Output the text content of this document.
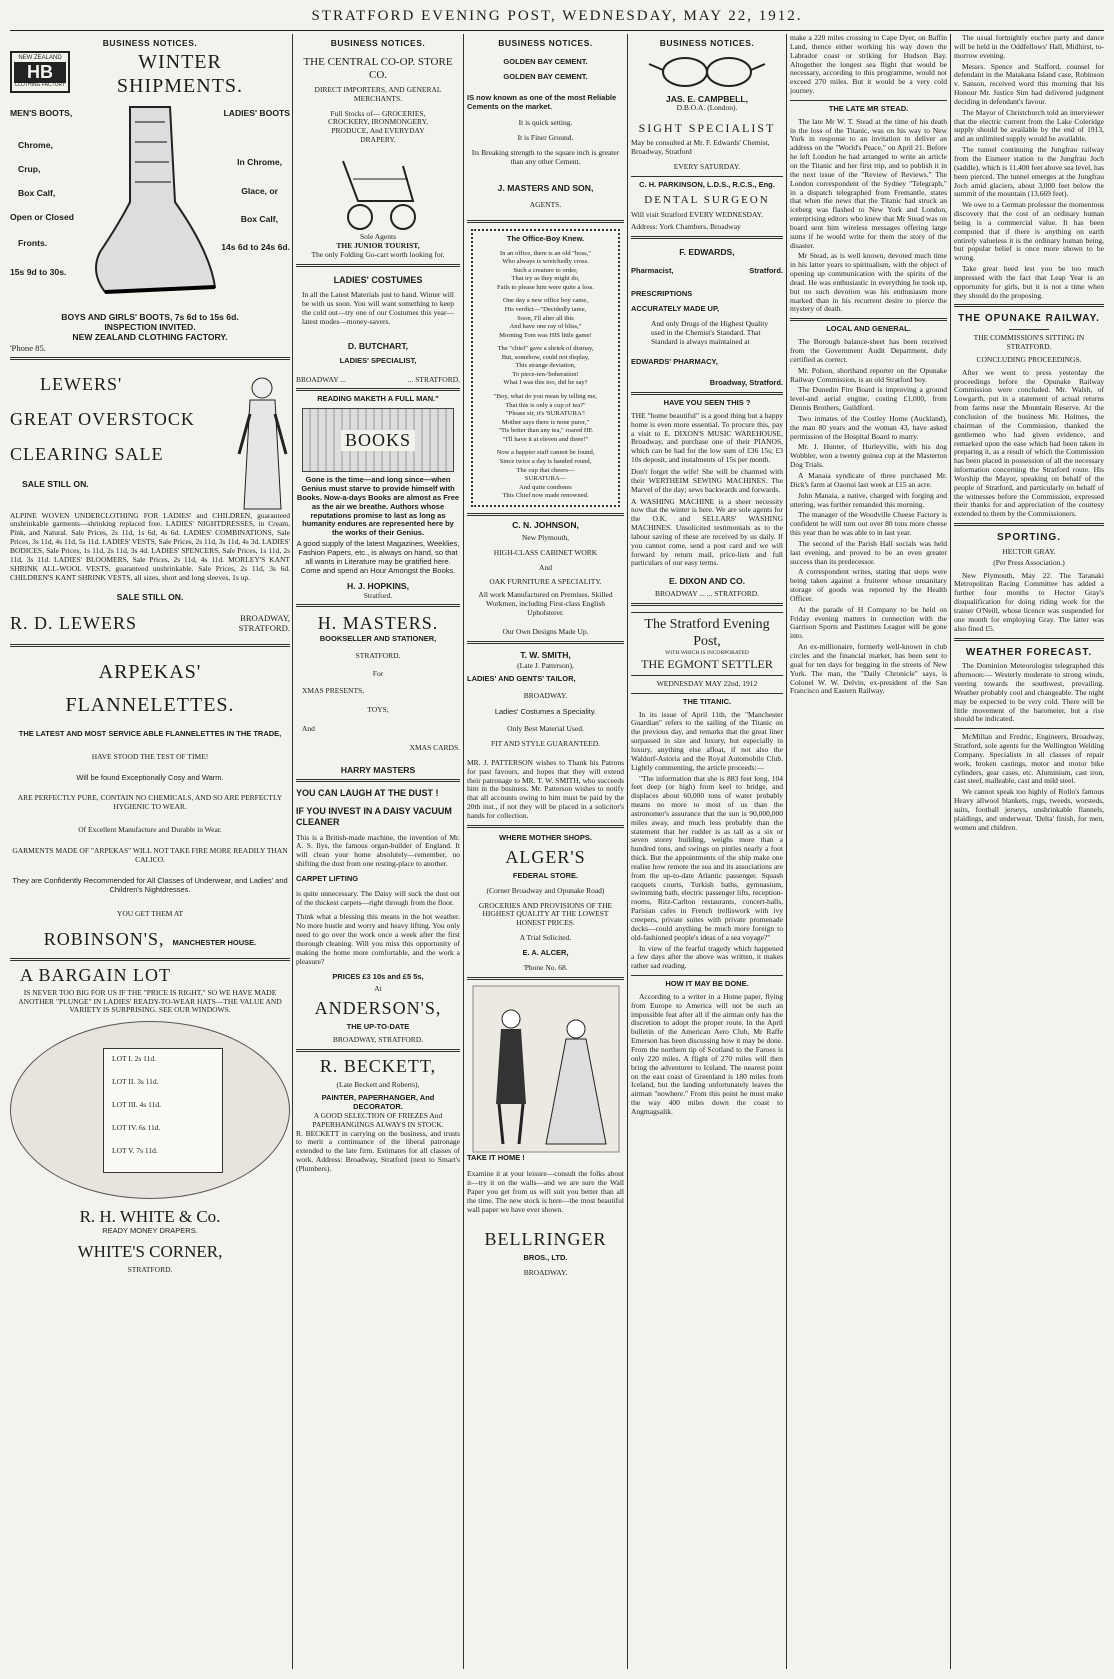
STRATFORD EVENING POST, WEDNESDAY, MAY 22, 1912.
BUSINESS NOTICES.
NEW ZEALAND
HB
CLOTHING FACTORY
WINTER
SHIPMENTS.
MEN'S BOOTS,	LADIES' BOOTS
Chrome,
Crup,
Box Calf,
Open or Closed
Fronts.
15s 9d to 30s.
In Chrome,
Glace, or
Box Calf,
14s 6d to 24s 6d.
BOYS AND GIRLS' BOOTS, 7s 6d to 15s 6d.
INSPECTION INVITED.
NEW ZEALAND CLOTHING FACTORY.
'Phone 85.
LEWERS'
GREAT OVERSTOCK
CLEARING SALE
SALE STILL ON.
ALPINE WOVEN UNDERCLOTHING FOR LADIES' and CHILDREN, guaranteed unshrinkable garments—shrinking replaced free. LADIES' NIGHTDRESSES, in Cream, Pink, and Natural. Sale Prices, 2s 11d, 1s 6d, 4s 6d. LADIES' COMBINATIONS, Sale Prices, 3s 11d, 4s 11d, 5s 11d. LADIES' VESTS, Sale Prices, 2s 11d, 3s 11d, 4s 3d. LADIES' BODICES, Sale Prices, 1s 11d, 2s 11d, 3s 4d. LADIES' SPENCERS, Sale Prices, 1s 11d, 2s 11d, 3s 11d. LADIES' BLOOMERS, Sale Prices, 2s 11d, 4s 11d. MORLEY'S KANT SHRINK ALL-WOOL VESTS, guaranteed unshrinkable. Sale Prices, 2s 11d, 3s 6d. CHILDREN'S KANT SHRINK VESTS, all sizes, short and long sleeves, 1s up.
SALE STILL ON.
R. D. LEWERS	BROADWAY,
STRATFORD.
ARPEKAS'
FLANNELETTES.
THE LATEST AND MOST SERVICE ABLE FLANNELETTES IN THE TRADE,
HAVE STOOD THE TEST OF TIME!
Will be found Exceptionally Cosy and Warm.
ARE PERFECTLY PURE, CONTAIN NO CHEMICALS, AND SO ARE PERFECTLY HYGIENIC TO WEAR.
Of Excellent Manufacture and Durable in Wear.
GARMENTS MADE OF "ARPEKAS" WILL NOT TAKE FIRE MORE READILY THAN CALICO.
They are Confidently Recommended for All Classes of Underwear, and Ladies' and Children's Nightdresses.
YOU GET THEM AT
ROBINSON'S, MANCHESTER HOUSE.
A BARGAIN LOT
IS NEVER TOO BIG FOR US IF THE "PRICE IS RIGHT," SO WE HAVE MADE ANOTHER "PLUNGE" IN LADIES' READY-TO-WEAR HATS—THE VALUE AND VARIETY IS SURPRISING. SEE OUR WINDOWS.
LOT I. 2s 11d.
LOT II. 3s 11d.
LOT III. 4s 11d.
LOT IV. 6s 11d.
LOT V. 7s 11d.
R. H. WHITE & Co.
READY MONEY DRAPERS.
WHITE'S CORNER,
STRATFORD.
BUSINESS NOTICES.
THE CENTRAL CO-OP. STORE CO.
DIRECT IMPORTERS, AND GENERAL MERCHANTS.
Full Stocks of— GROCERIES, CROCKERY, IRONMONGERY, PRODUCE, And EVERYDAY DRAPERY.
Sole Agents
THE JUNIOR TOURIST,
The only Folding Go-cart worth looking for.
LADIES' COSTUMES
In all the Latest Materials just to hand. Winter will be with us soon. You will want something to keep the cold out—try one of our Costumes this year—latest modes—money-savers.
D. BUTCHART,
LADIES' SPECIALIST,
BROADWAY ...	... STRATFORD.
READING MAKETH A FULL MAN."
BOOKS
Gone is the time—and long since—when Genius must starve to provide himself with Books. Now-a-days Books are almost as Free as the air we breathe. Authors whose reputations promise to last as long as humanity endures are represented here by the works of their Genius.
A good supply of the latest Magazines, Weeklies, Fashion Papers, etc., is always on hand, so that all wants in Literature may be gratified here. Come and spend an Hour Amongst the Books.
H. J. HOPKINS,
Stratford.
H. MASTERS.
BOOKSELLER AND STATIONER,
STRATFORD.
For
XMAS PRESENTS,
TOYS,
And
XMAS CARDS.
HARRY MASTERS
YOU CAN LAUGH AT THE DUST !
IF YOU INVEST IN A DAISY VACUUM CLEANER
This is a British-made machine, the invention of Mr. A. S. Ilys, the famous organ-builder of England. It will clean your home absolutely—remember, no shifting the dust from one resting-place to another.
CARPET LIFTING
is quite unnecessary. The Daisy will suck the dust out of the thickest carpets—right through from the floor.
Think what a blessing this means in the hot weather. No more bustle and worry and heavy lifting. You only need to go over the work once a week after the first thorough cleaning. Will you miss this opportunity of making the home more comfortable, and the work a pleasure?
PRICES £3 10s and £5 5s,
At
ANDERSON'S,
THE UP-TO-DATE
BROADWAY, STRATFORD.
R. BECKETT,
(Late Beckett and Roberts),
PAINTER, PAPERHANGER, And DECORATOR.
A GOOD SELECTION OF FRIEZES And PAPERHANGINGS ALWAYS IN STOCK.
R. BECKETT in carrying on the business, and trusts to merit a continuance of the liberal patronage extended to the late firm. Estimates for all classes of work. Address: Broadway, Stratford (next to Smart's (Plumbers).
BUSINESS NOTICES.
GOLDEN BAY CEMENT.
GOLDEN BAY CEMENT.
IS now known as one of the most Reliable Cements on the market.
It is quick setting.
It is Finer Ground.
Its Breaking strength to the square inch is greater than any other Cement.
J. MASTERS AND SON,
AGENTS.
The Office-Boy Knew.
In an office, there is an old "boss,"
Who always is wretchedly cross.
Such a creature to order,
That try as they might do,
Fails to please him were quite a loss.
One day a new office boy came,
His verdict—"Decidedly tame,
Soon, I'll alter all this
And have one ray of bliss,"
Morning Tom was HIS little game!
The "chief" gave a shriek of dismay,
But, somehow, could not display,
This strange deviation,
To piece-ten-'boheration!
What I was this too, did he say?
"Boy, what do you mean by telling me,
That this is only a cup of tea?"
"Please sir, it's 'SURATURA'!
Mother says there is none purer,"
"Tis better than any tea," roared HE
"I'll have it at eleven and three!"
Now a happier staff cannot be found,
Since twice a day is handed round,
The cup that cheers—
SURATURA—
And quite condones
This Chief now made renowned.
C. N. JOHNSON,
New Plymouth,
HIGH-CLASS CABINET WORK
And
OAK FURNITURE A SPECIALITY.
All work Manufactured on Premises. Skilled Workmen, including First-class English Upholsterer.
Our Own Designs Made Up.
T. W. SMITH,
(Late J. Patterson),
LADIES' AND GENTS' TAILOR,
BROADWAY.
Ladies' Costumes a Speciality.
Only Best Material Used.
FIT AND STYLE GUARANTEED.
MR. J. PATTERSON wishes to Thank his Patrons for past favours, and hopes that they will extend their patronage to MR. T. W. SMITH, who succeeds him in the business. Mr. Patterson wishes to notify that all accounts owing to him must be paid by the 20th inst., if not they will be placed in a solicitor's hands for collection.
WHERE MOTHER SHOPS.
ALGER'S
FEDERAL STORE.
(Corner Broadway and Opunake Road)
GROCERIES AND PROVISIONS OF THE HIGHEST QUALITY AT THE LOWEST HONEST PRICES.
A Trial Solicited.
E. A. ALCER,
'Phone No. 68.
TAKE IT HOME !
Examine it at your leisure—consult the folks about it—try it on the walls—and we are sure the Wall Paper you get from us will suit you better than all the time. The new stock is here—the most beautiful wall paper we have ever shown.
BELLRINGER
BROS., LTD.
BROADWAY.
BUSINESS NOTICES.
JAS. E. CAMPBELL,
D.B.O.A. (London).
SIGHT SPECIALIST
May be consulted at Mr. F. Edwards' Chemist, Broadway, Stratford
EVERY SATURDAY.
C. H. PARKINSON, L.D.S., R.C.S., Eng.
DENTAL SURGEON
Will visit Stratford EVERY WEDNESDAY.
Address: York Chambers, Broadway
F. EDWARDS,
Pharmacist,	Stratford.
PRESCRIPTIONS
ACCURATELY MADE UP,
And only Drugs of the Highest Quality used in the Chemist's Standard. That Standard is always maintained at
EDWARDS' PHARMACY,
Broadway, Stratford.
HAVE YOU SEEN THIS ?
THE "home beautiful" is a good thing but a happy home is even more essential. To procure this, pay a visit to E. DIXON'S MUSIC WAREHOUSE, Broadway, and purchase one of their PIANOS, which can be had for the low sum of £36 15s; £3 10s deposit, and instalments of 15s per month.
Don't forget the wife! She will be charmed with their WERTHEIM SEWING MACHINES. The Marvel of the day; sews backwards and forwards.
A WASHING MACHINE is a sheer necessity now that the winter is here. We are sole agents for the O.K. and SELLARS' WASHING MACHINES. Unsolicited testimonials as to the labour saving of these are received by us daily. If you cannot come, send a post card and we will forward by return mail, price-lists and full particulars of our easy terms.
E. DIXON AND CO.
BROADWAY ... ... STRATFORD.
The Stratford Evening Post,
WITH WHICH IS INCORPORATED
THE EGMONT SETTLER
WEDNESDAY MAY 22nd, 1912
THE TITANIC.

In its issue of April 11th, the "Manchester Guardian" refers to the sailing of the Titanic on the previous day, and remarks that the great liner surpassed in size and luxury, but especially in luxury, anything else afloat, if not also the Waldorf-Astoria and the Royal Automobile Club. Lightly commenting, the article proceeds:—

"The information that she is 883 feet long, 104 feet deep (or high) from keel to bridge, and displaces about 60,000 tons of water probably means no more to most of us than the astronomer's assurance that the sun is 90,000,000 miles away, and much less probably than the statement that her rudder is as tall as a six or seven storey building, weighs more than a hundred tons, and swings on pintles nearly a foot thick. But the appointments of the ship make one realise how remote the sea and its associations are from the up-to-date Atlantic passenger. Squash racquets courts, Turkish baths, gymnasium, swimming bath, electric passenger lifts, reception-rooms, Ritz-Carlton restaurants, concert-halls, Parisian cafes in French trelliswork with ivy creepers, private suites with private promenade decks—could anything be much more foreign to old-fashioned people's ideas of a sea voyage?"

In view of the fearful tragedy which happened a few days after the above was written, it makes rather sad reading.

HOW IT MAY BE DONE.

According to a writer in a Home paper, flying from Europe to America will not be such an impossible feat after all if the airman only has the discretion to adopt the proper route. In the April bulletin of the American Aero Club, Mr Raffe Emerson has been discussing how it may be done. From the northern tip of Scotland to the Faroes is only 220 miles. A flight of 270 miles will then bring the adventurer to Iceland. The nearest point on the east coast of Greenland is 180 miles from Iceland, but the landing unfortunately leaves the airman "nowhere." From this point he must make the way 400 miles down the coast to Angmagsalik.

make a 220 miles crossing to Cape Dyer, on Baffin Land, thence either working his way down the Labrador coast or striking for Hudson Bay. Altogether the longest sea flight that would be necessary, according to this programme, would not exceed 270 miles. But it would be a very cold journey.

THE LATE MR STEAD.

The late Mr W. T. Stead at the time of his death in the loss of the Titanic, was on his way to New York in response to an invitation to deliver an address on the "World's Peace," on April 21. Before he left London he had arranged to write an article on the Titanic and her first trip, and to publish it in the next issue of the "Review of Reviews." The London correspondent of the Sydney "Telegraph," in a dispatch telegraphed from Fremantle, states that when the news that the Titanic had struck an iceberg was flashed to New York and London, enterprising editors who knew that Mr Stead was on board sent him wireless messages offering large sums if he would write for them the story of the disaster.

Mr Stead, as is well known, devoted much time in his latter years to spiritualism, with the object of opening up communication with the spirits of the dead. He was enthusiastic in everything he took up, but no such devotion was his enthusiasm more marked than in his recurrent desire to pierce the mystery of death.

LOCAL AND GENERAL.

The Borough balance-sheet has been received from the Government Audit Department, duly certified as correct.

Mr. Polson, shorthand reporter on the Opunake Railway Commission, is an old Stratford boy.

The Dunedin Fire Board is improving a ground level-and aerial engine, costing £1,000, from Dennis Brothers, Guildford.

Two inmates of the Costley Home (Auckland), the man 80 years and the woman 43, have asked permission of the Hospital Board to marry.

Mr. J. Hunter, of Hurleyville, with his dog Wobbler, won a twenty guinea cup at the Masterton Dog Trials.

A Manaia syndicate of three purchased Mr. Dick's farm at Oaonui last week at £15 an acre.

John Manaia, a native, charged with forging and uttering, was further remanded this morning.

The manager of the Woodville Cheese Factory is confident he will turn out over 80 tons more cheese this year than he was able to in last year.

The second of the Parish Hall socials was held last evening, and proved to be an even greater success than its predecessor.

A correspondent writes, stating that steps were being taken against a fruiterer whose unsanitary storage of goods was reported by the Health Officer.

At the parade of H Company to be held on Friday evening matters in connection with the Garrison Sports and Pastimes League will be gone into.

An ex-millionaire, formerly well-known in club circles and the financial market, has been sent to goal for ten days for begging in the streets of New York. The man, the "Daily Chronicle" says, is Colonel W. W. Delvin, ex-president of the San Francisco and Eastern Railway.

The usual fortnightly euchre party and dance will be held in the Oddfellows' Hall, Midhirst, to-morrow evening.

Messrs. Spence and Stafford, counsel for defendant in the Matakana Island case, Robinson v. Sanson, received word this morning that his Honour Mr. Justice Sim had delivered judgment deciding in defendant's favour.

The Mayor of Christchurch told an interviewer that the electric current from the Lake Coleridge supply should be available by the end of 1913, and an unlimited supply would be available.

The tunnel continuing the Jungfrau railway from the Eismeer station to the Jungfrau Joch (saddle), which is 11,400 feet above sea level, has been pierced. The tunnel emerges at the Jungfrau Joch amid glaciers, about 3,000 feet below the summit of the mountain (13,669 feet).

We owe to a German professor the momentous discovery that the cost of an ordinary human being is a commercial value. It has been computed that if there is anything on earth entirely valueless it is the ordinary human being, but popular belief is once more shown to be wrong.

Take great heed lest you be too much impressed with the fact that Leap Year is an opportunity for girls, but it is not a time when they should do the proposing.

THE OPUNAKE RAILWAY.
THE COMMISSION'S SITTING IN STRATFORD.
CONCLUDING PROCEEDINGS.

After we went to press yesterday the proceedings before the Opunake Railway Commission were concluded. Mr. Walsh, of Lowgarth, put in a statement of actual returns from farms near the Mountain Reserve. At the conclusion of the business Mr. Holmes, the chairman of the Commission, thanked the gentlemen who had given evidence, and remarked upon the ease which had been taken in preparing it, as a result of which the Commission has been placed in possession of all the necessary information concerning the Stratford route. His Worship the Mayor, speaking on behalf of the people of Stratford, and particularly on behalf of the witnesses before the Commission, expressed their thanks for and appreciation of the courtesy extended to them by the Commissioners.

SPORTING.
HECTOR GRAY.
(Per Press Association.)

New Plymouth, May 22. The Taranaki Metropolitan Racing Committee has added a further four months to Hector Gray's disqualification for doing riding work for the trainer O'Neill, whose licence was suspended for one month for employing Gray. The latter was also fined £5.

WEATHER FORECAST.

The Dominion Meteorologist telegraphed this afternoon:— Westerly moderate to strong winds, veering towards the southwest, prevailing. Weather probably cool and changeable. The night may be expected to be very cold. There will be little movement of the barometer, but a rise should be indicated.

McMillan and Fredric, Engineers, Broadway, Stratford, sole agents for the Wellington Welding Company. Specialists in all classes of repair work, broken castings, motor and motor bike cylinders, gear cases, etc. Aluminium, cast iron, cast steel, malleable, cast and mild steel.

We cannot speak too highly of Rollo's famous Heavy allwool blankets, rugs, tweeds, worsteds, suits, football jerseys, unshrinkable flannels, plaidings, and underwear. 'Delta' finish, for men, women and children.
